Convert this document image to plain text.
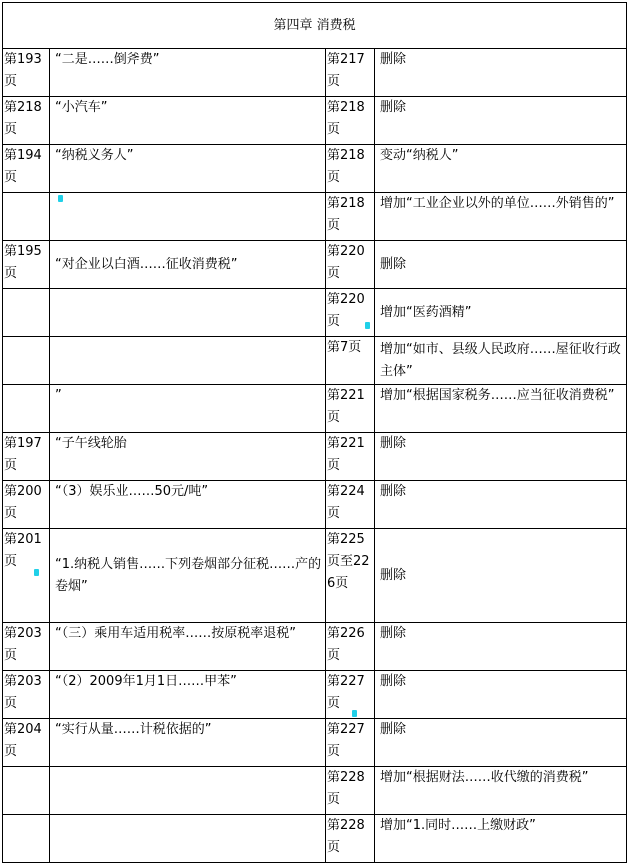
第四章 消费税			
第193页	“二是……倒斧费”	第217页	删除
第218页	“小汽车”	第218页	删除
第194页	“纳税义务人”	第218页	变动“纳税人”
		第218页	增加“工业企业以外的单位……外销售的”
第195页	“对企业以白酒……征收消费税”	第220页	删除
		第220页	增加“医药酒精”
		第7页	增加“如市、县级人民政府……屋征收行政主体”
	”	第221页	增加“根据国家税务……应当征收消费税”
第197页	“子午线轮胎	第221页	删除
第200页	“（3）娱乐业……50元/吨”	第224页	删除
第201页	“1.纳税人销售……下列卷烟部分征税……产的卷烟”	第225页至226页	删除
第203页	“（三）乘用车适用税率……按原税率退税”	第226页	删除
第203页	“（2）2009年1月1日……甲苯”	第227页	删除
第204页	“实行从量……计税依据的”	第227页	删除
		第228页	增加“根据财法……收代缴的消费税”
		第228页	增加“1.同时……上缴财政”
